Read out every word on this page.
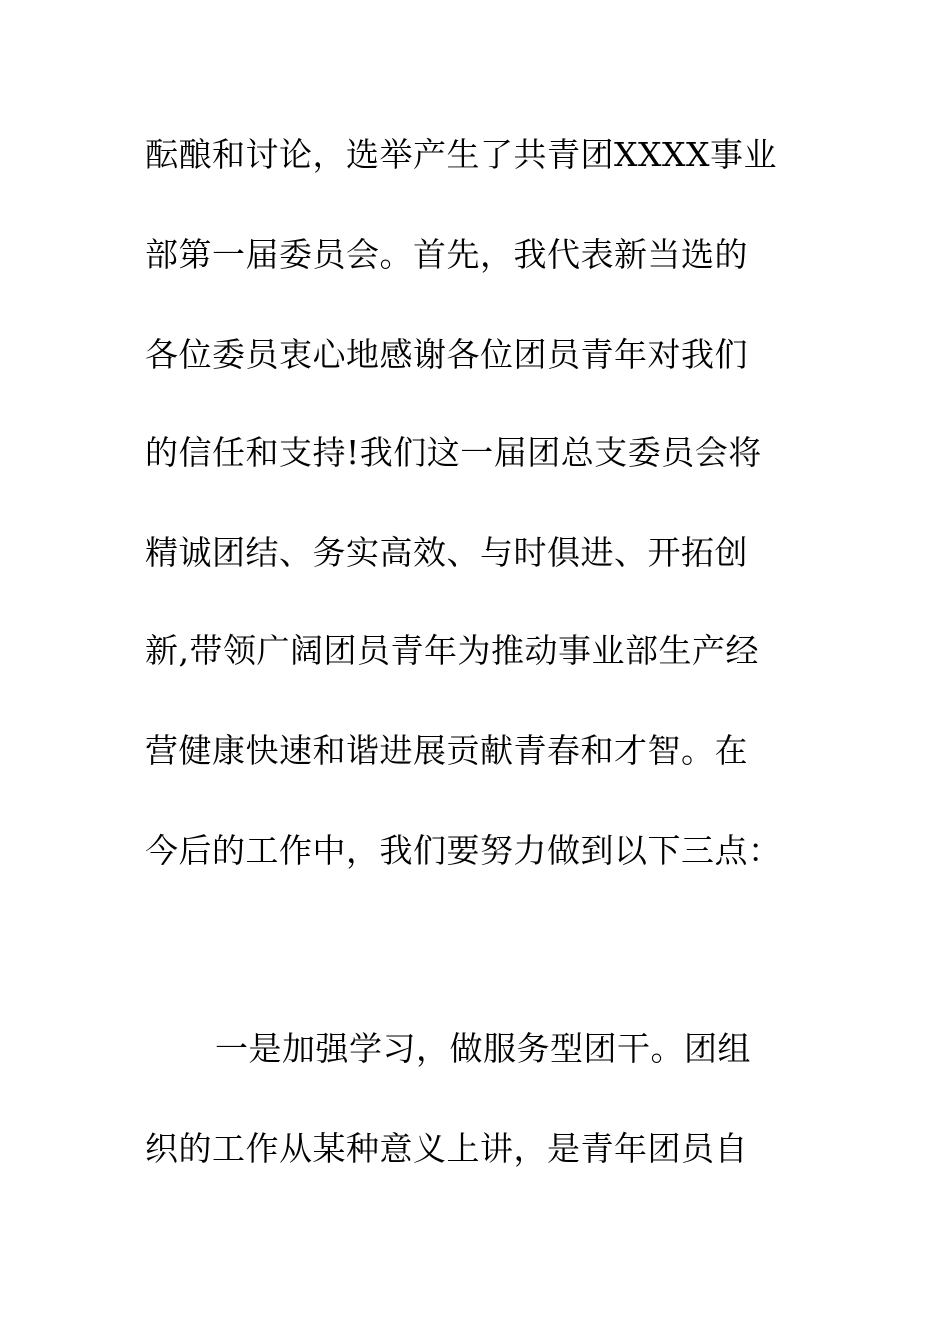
酝酿和讨论，选举产生了共青团XXXX事业
部第一届委员会。首先，我代表新当选的
各位委员衷心地感谢各位团员青年对我们
的信任和支持!我们这一届团总支委员会将
精诚团结、务实高效、与时俱进、开拓创
新,带领广阔团员青年为推动事业部生产经
营健康快速和谐进展贡献青春和才智。在
今后的工作中，我们要努力做到以下三点：
一是加强学习，做服务型团干。团组
织的工作从某种意义上讲，是青年团员自
